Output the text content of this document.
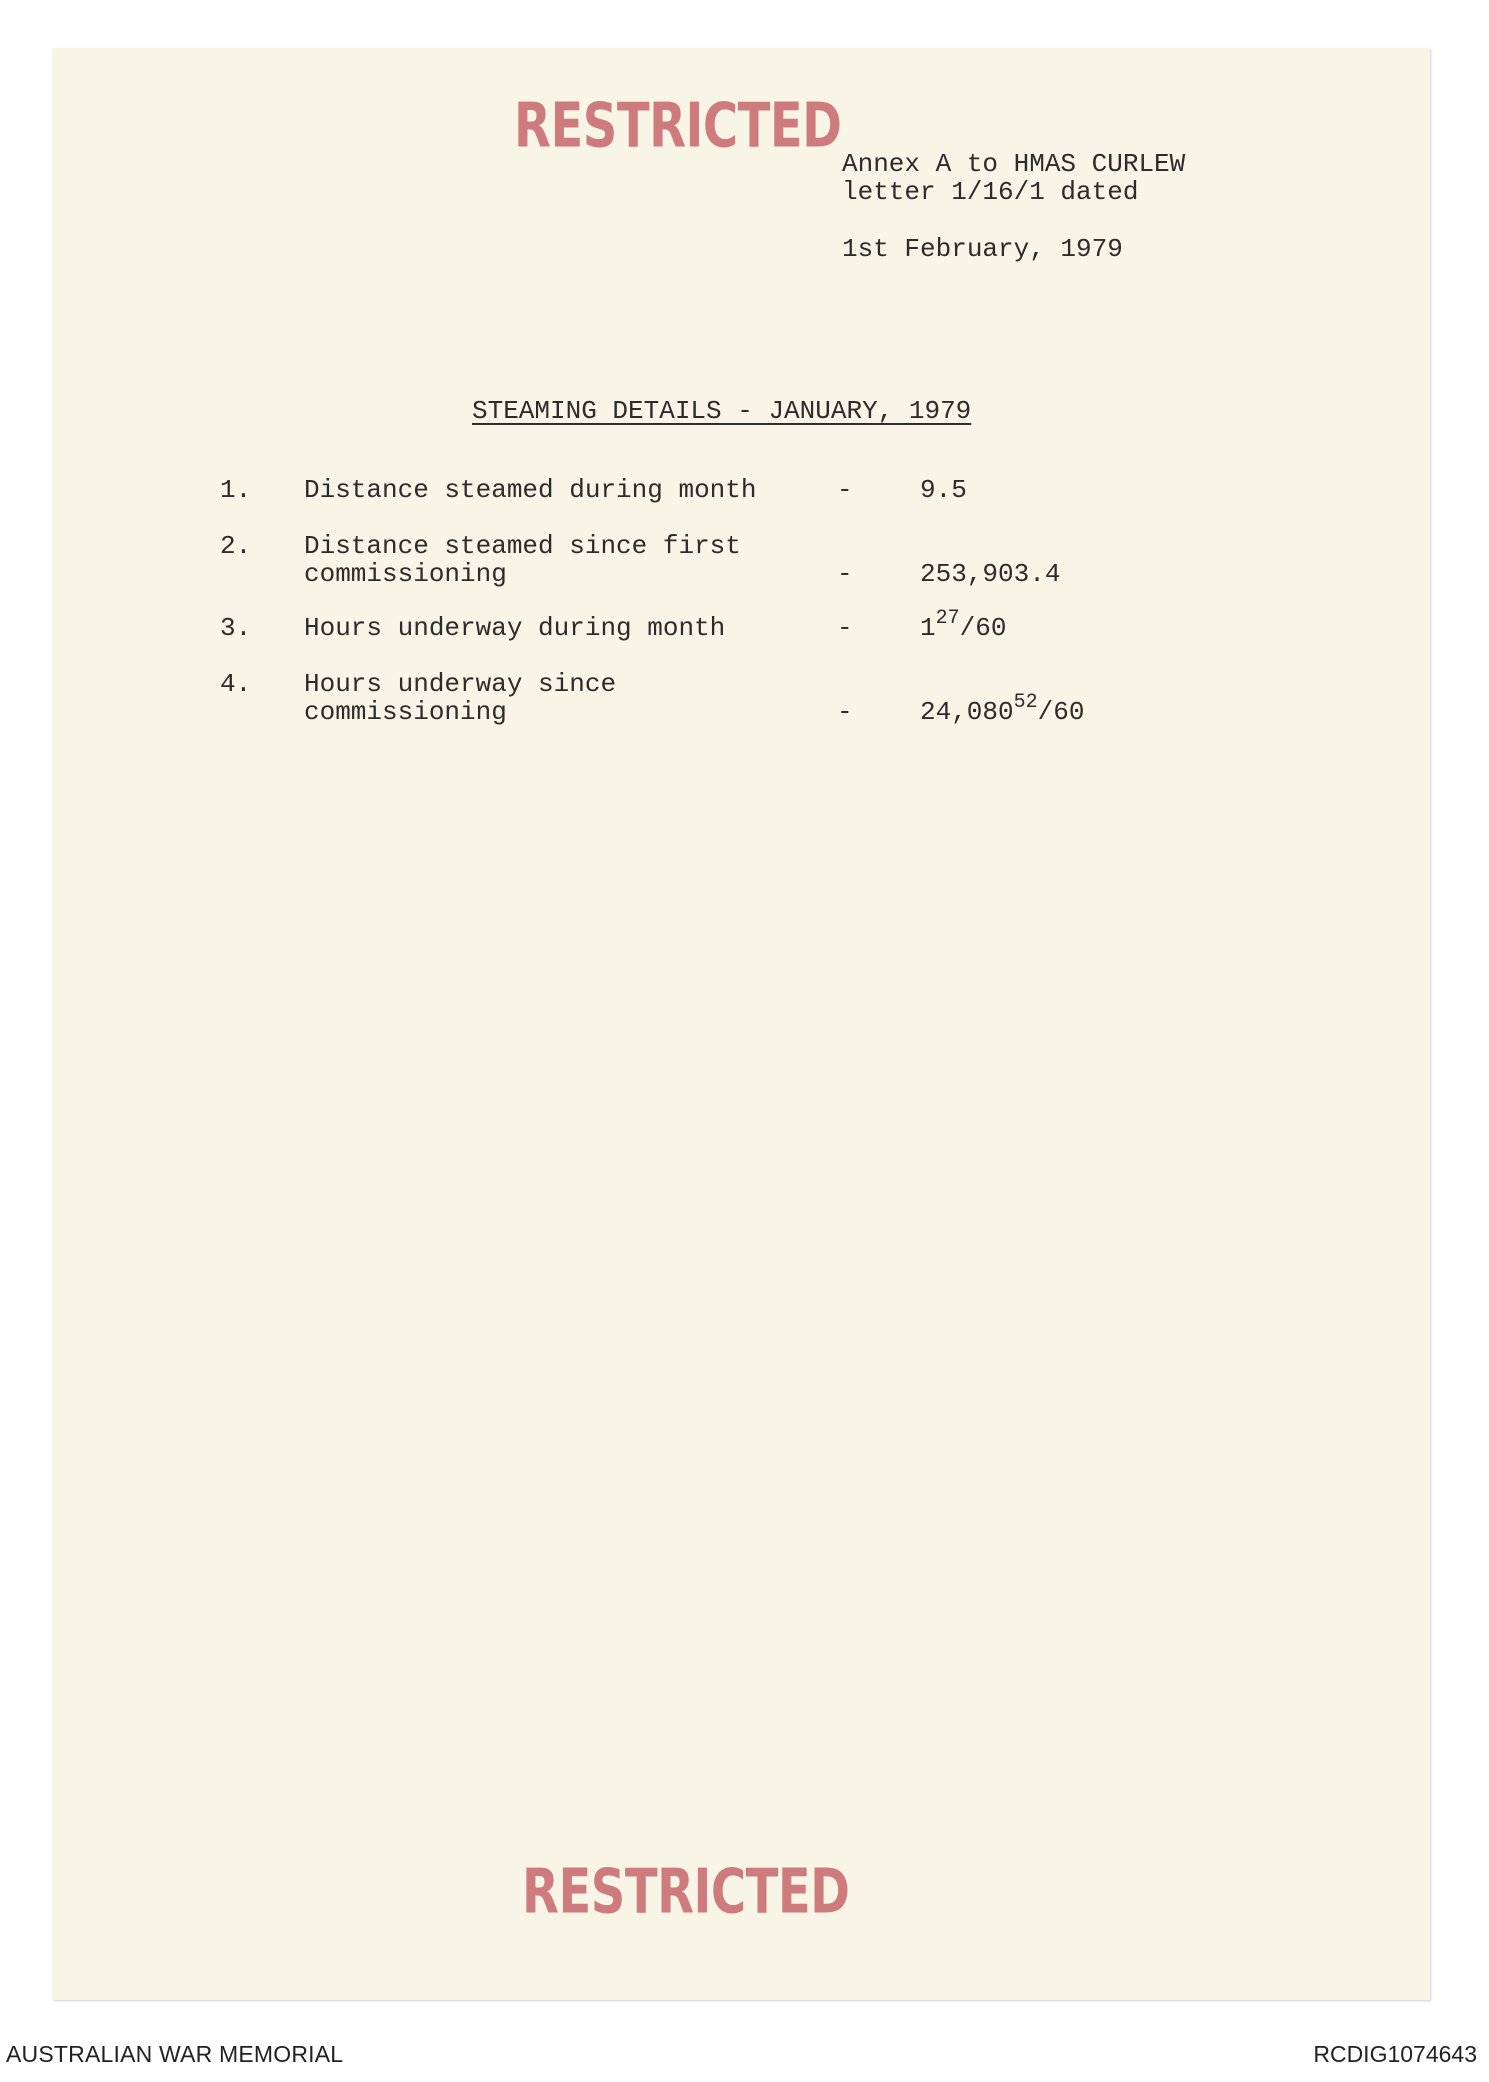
RESTRICTED
Annex A to HMAS CURLEW
letter 1/16/1 dated
1st February, 1979
STEAMING DETAILS - JANUARY, 1979
1.	Distance steamed during month	-	9.5
2.	Distance steamed since first
commissioning	-	253,903.4
3.	Hours underway during month	-	$1^{27}/60$
4.	Hours underway since
commissioning	-	24,080$^{52}$/60
RESTRICTED
AUSTRALIAN WAR MEMORIAL	RCDIG1074643
